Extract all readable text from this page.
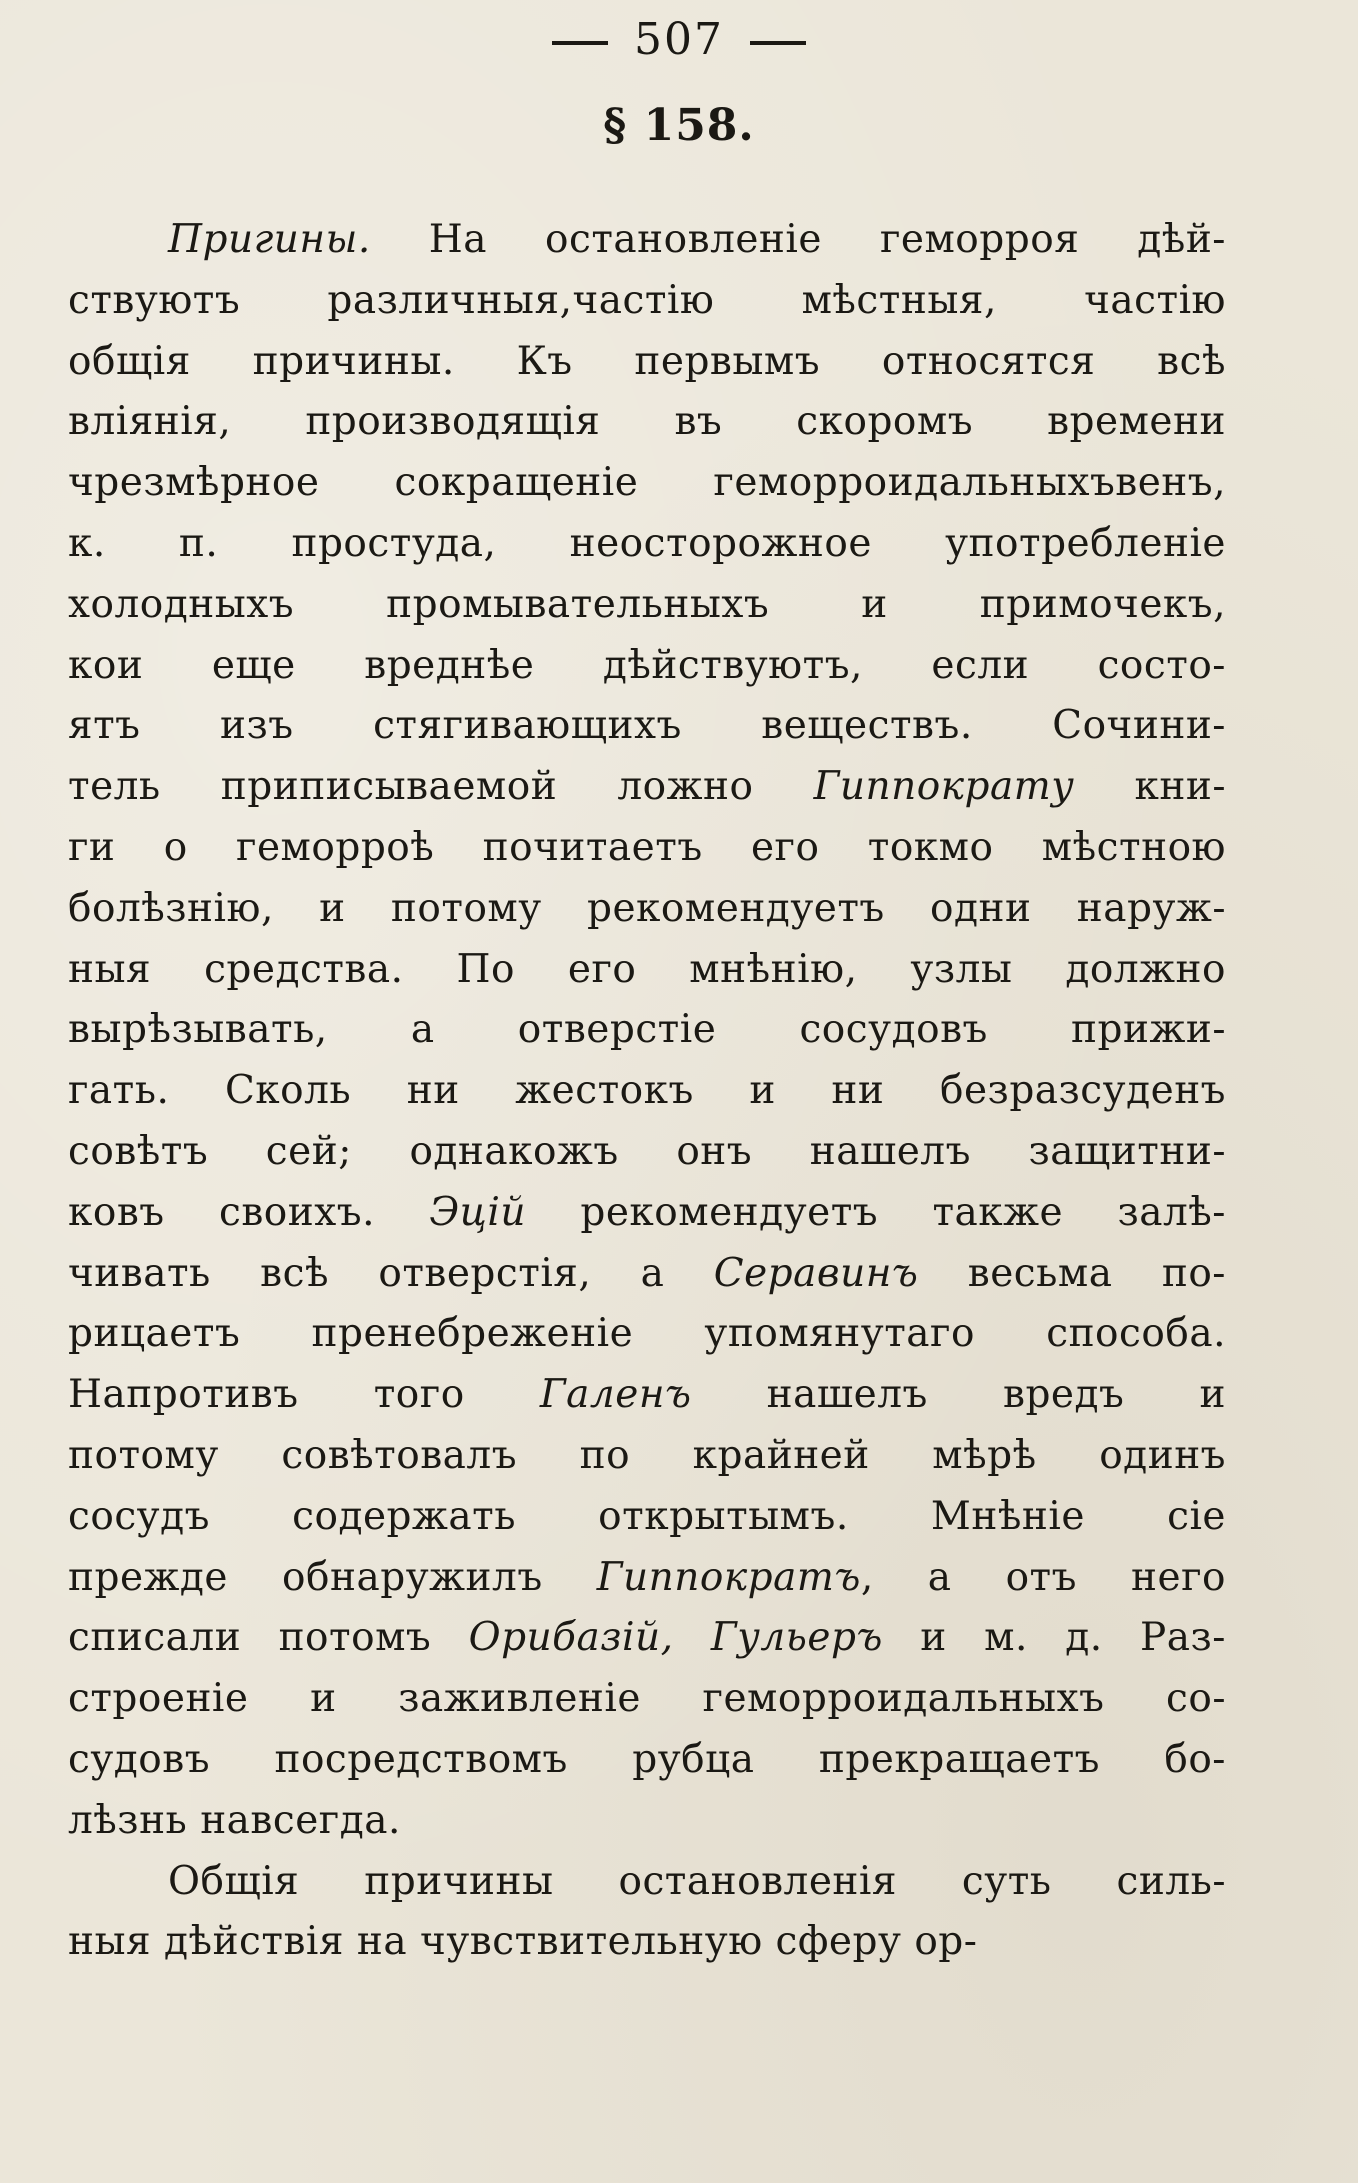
507
§ 158.
Пригины. На остановленіе геморроя дѣй-
ствуютъ различныя,частію мѣстныя, частію
общія причины. Къ первымъ относятся всѣ
вліянія, производящія въ скоромъ времени
чрезмѣрное сокращеніе геморроидальныхъвенъ,
к. п. простуда, неосторожное употребленіе
холодныхъ промывательныхъ и примочекъ,
кои еще вреднѣе дѣйствуютъ, если состо-
ятъ изъ стягивающихъ веществъ. Сочини-
тель приписываемой ложно Гиппократу кни-
ги о геморроѣ почитаетъ его токмо мѣстною
болѣзнію, и потому рекомендуетъ одни наруж-
ныя средства. По его мнѣнію, узлы должно
вырѣзывать, а отверстіе сосудовъ прижи-
гать. Сколь ни жестокъ и ни безразсуденъ
совѣтъ сей; однакожъ онъ нашелъ защитни-
ковъ своихъ. Эцій рекомендуетъ также залѣ-
чивать всѣ отверстія, а Серавинъ весьма по-
рицаетъ пренебреженіе упомянутаго способа.
Напротивъ того Галенъ нашелъ вредъ и
потому совѣтовалъ по крайней мѣрѣ одинъ
сосудъ содержать открытымъ. Мнѣніе сіе
прежде обнаружилъ Гиппократъ, а отъ него
списали потомъ Орибазій, Гульеръ и м. д. Раз-
строеніе и заживленіе геморроидальныхъ со-
судовъ посредствомъ рубца прекращаетъ бо-
лѣзнь навсегда.
Общія причины остановленія суть силь-
ныя дѣйствія на чувствительную сферу ор-
